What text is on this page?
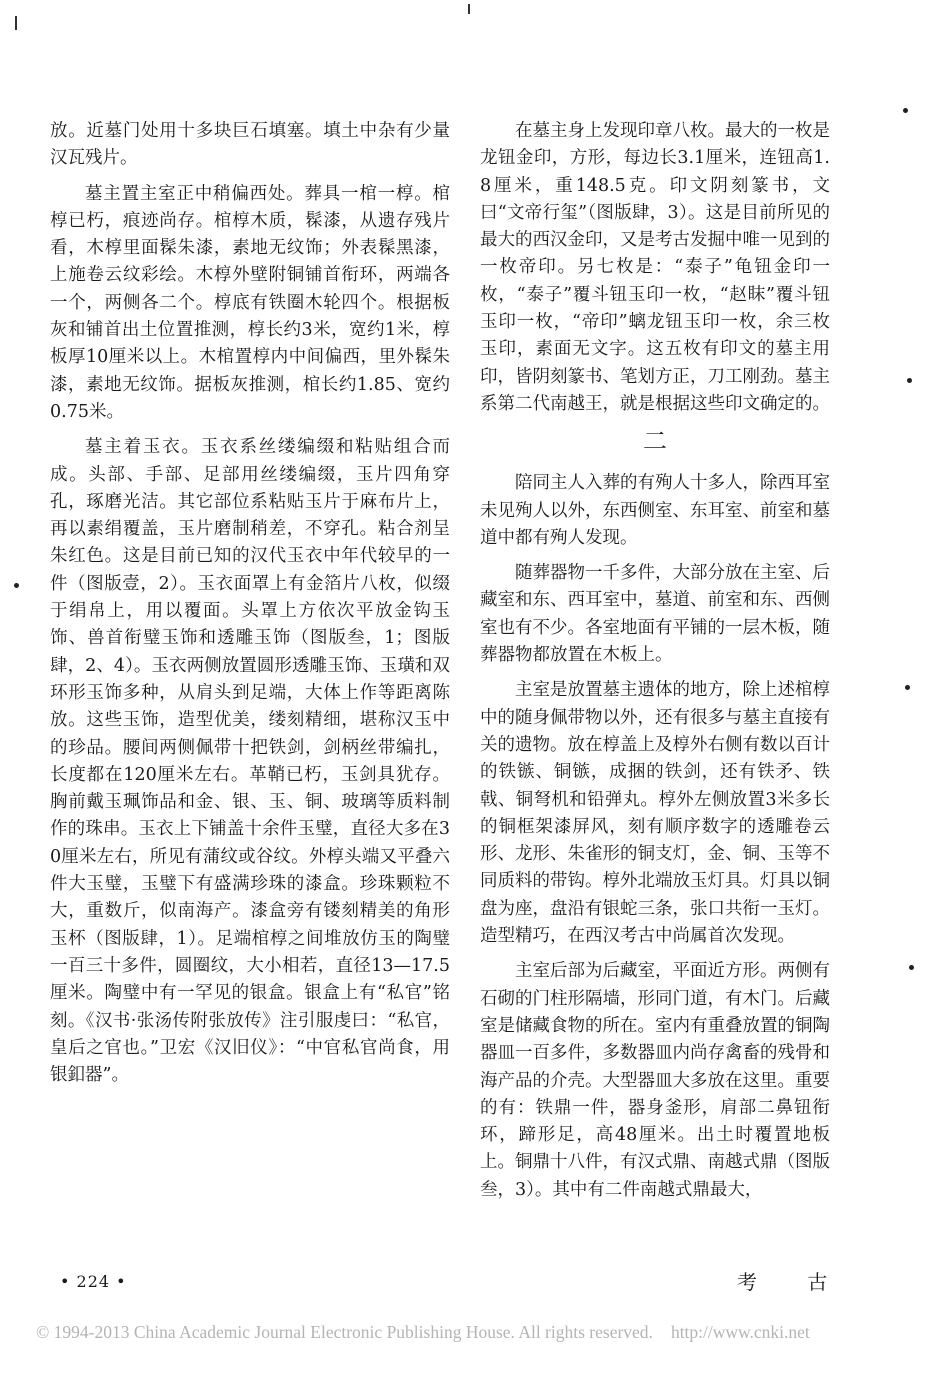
放。近墓门处用十多块巨石填塞。填土中杂有少量汉瓦残片。

墓主置主室正中稍偏西处。葬具一棺一椁。棺椁已朽，痕迹尚存。棺椁木质，髹漆，从遗存残片看，木椁里面髹朱漆，素地无纹饰；外表髹黑漆，上施卷云纹彩绘。木椁外壁附铜铺首衔环，两端各一个，两侧各二个。椁底有铁圈木轮四个。根据板灰和铺首出土位置推测，椁长约3米，宽约1米，椁板厚10厘米以上。木棺置椁内中间偏西，里外髹朱漆，素地无纹饰。据板灰推测，棺长约1.85、宽约0.75米。

墓主着玉衣。玉衣系丝缕编缀和粘贴组合而成。头部、手部、足部用丝缕编缀，玉片四角穿孔，琢磨光洁。其它部位系粘贴玉片于麻布片上，再以素绢覆盖，玉片磨制稍差，不穿孔。粘合剂呈朱红色。这是目前已知的汉代玉衣中年代较早的一件（图版壹，2）。玉衣面罩上有金箔片八枚，似缀于绢帛上，用以覆面。头罩上方依次平放金钩玉饰、兽首衔璧玉饰和透雕玉饰（图版叁，1；图版肆，2、4）。玉衣两侧放置圆形透雕玉饰、玉璜和双环形玉饰多种，从肩头到足端，大体上作等距离陈放。这些玉饰，造型优美，缕刻精细，堪称汉玉中的珍品。腰间两侧佩带十把铁剑，剑柄丝带编扎，长度都在120厘米左右。革鞘已朽，玉剑具犹存。胸前戴玉珮饰品和金、银、玉、铜、玻璃等质料制作的珠串。玉衣上下铺盖十余件玉璧，直径大多在30厘米左右，所见有蒲纹或谷纹。外椁头端又平叠六件大玉璧，玉璧下有盛满珍珠的漆盒。珍珠颗粒不大，重数斤，似南海产。漆盒旁有镂刻精美的角形玉杯（图版肆，1）。足端棺椁之间堆放仿玉的陶璧一百三十多件，圆圈纹，大小相若，直径13—17.5厘米。陶璧中有一罕见的银盒。银盒上有“私官”铭刻。《汉书·张汤传附张放传》注引服虔曰：“私官，皇后之官也。”卫宏《汉旧仪》：“中官私官尚食，用银釦器”。

在墓主身上发现印章八枚。最大的一枚是龙钮金印，方形，每边长3.1厘米，连钮高1.8厘米，重148.5克。印文阴刻篆书，文曰“文帝行玺”（图版肆，3）。这是目前所见的最大的西汉金印，又是考古发掘中唯一见到的一枚帝印。另七枚是：“泰子”龟钮金印一枚，“泰子”覆斗钮玉印一枚，“赵眜”覆斗钮玉印一枚，“帝印”螭龙钮玉印一枚，余三枚玉印，素面无文字。这五枚有印文的墓主用印，皆阴刻篆书、笔划方正，刀工刚劲。墓主系第二代南越王，就是根据这些印文确定的。

二

陪同主人入葬的有殉人十多人，除西耳室未见殉人以外，东西侧室、东耳室、前室和墓道中都有殉人发现。

随葬器物一千多件，大部分放在主室、后藏室和东、西耳室中，墓道、前室和东、西侧室也有不少。各室地面有平铺的一层木板，随葬器物都放置在木板上。

主室是放置墓主遗体的地方，除上述棺椁中的随身佩带物以外，还有很多与墓主直接有关的遗物。放在椁盖上及椁外右侧有数以百计的铁镞、铜镞，成捆的铁剑，还有铁矛、铁戟、铜弩机和铅弹丸。椁外左侧放置3米多长的铜框架漆屏风，刻有顺序数字的透雕卷云形、龙形、朱雀形的铜支灯，金、铜、玉等不同质料的带钩。椁外北端放玉灯具。灯具以铜盘为座，盘沿有银蛇三条，张口共衔一玉灯。造型精巧，在西汉考古中尚属首次发现。

主室后部为后藏室，平面近方形。两侧有石砌的门柱形隔墙，形同门道，有木门。后藏室是储藏食物的所在。室内有重叠放置的铜陶器皿一百多件，多数器皿内尚存禽畜的残骨和海产品的介壳。大型器皿大多放在这里。重要的有：铁鼎一件，器身釜形，肩部二鼻钮衔环，蹄形足，高48厘米。出土时覆置地板上。铜鼎十八件，有汉式鼎、南越式鼎（图版叁，3）。其中有二件南越式鼎最大，

• 224 •	考 古
© 1994-2013 China Academic Journal Electronic Publishing House. All rights reserved. http://www.cnki.net
